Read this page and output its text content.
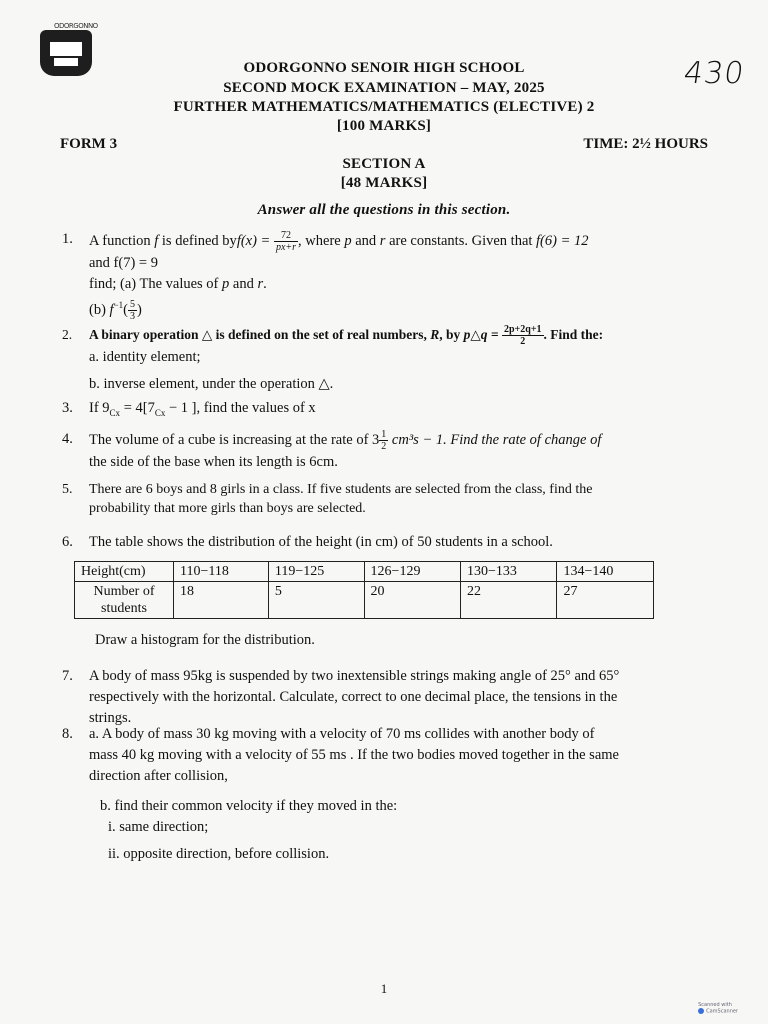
ODORGONNO
430
ODORGONNO SENOIR HIGH SCHOOL
SECOND MOCK EXAMINATION – MAY, 2025
FURTHER MATHEMATICS/MATHEMATICS (ELECTIVE) 2
[100 MARKS]
FORM 3	TIME: 2½ HOURS
SECTION A
[48 MARKS]
Answer all the questions in this section.
1.	A function f is defined $byf(x) = \frac{72}{px+r}$ , where p and r are constants. Given that f(6) = 12
and f(7) = 9
find; (a) The values of p and r.
(b) $f^{-1}( \frac{5}{3}$ )
2.	A binary operation △ is defined on the set of real numbers, R, by p△q = $\frac{2p+2q+1}{2}$ . Find the:
a. identity element;
b. inverse element, under the operation △.
3.	If $9_{Cx} = 4[7_{Cx} - 1$ ], find the values of x
4.	The volume of a cube is increasing at the rate of $3 \frac{1}{2} cm^3s - 1$. Find the rate of change of
the side of the base when its length is 6cm.
5.	There are 6 boys and 8 girls in a class. If five students are selected from the class, find the
probability that more girls than boys are selected.
6.	The table shows the distribution of the height (in cm) of 50 students in a school.
Height(cm)	110−118	119−125	126−129	130−133	134−140
Number of students	18	5	20	22	27
Draw a histogram for the distribution.
7.	A body of mass 95kg is suspended by two inextensible strings making angle of 25° and 65°
respectively with the horizontal. Calculate, correct to one decimal place, the tensions in the
strings.
8.	a. A body of mass 30 kg moving with a velocity of 70 ms collides with another body of
mass 40 kg moving with a velocity of 55 ms . If the two bodies moved together in the same
direction after collision,
b. find their common velocity if they moved in the:
i. same direction;
ii. opposite direction, before collision.
1
Scanned with
CamScanner
